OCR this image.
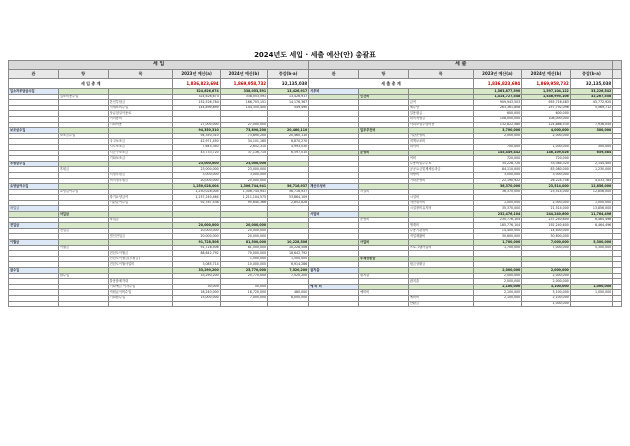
2024년도 세입 · 세출 예산(안) 총괄표
세 입						세 출						
관	항	목	2023년 예산(a)	2024년 예산(b)	증감(b-a)	관	항	목	2023년 예산(a)	2024년 예산(b)	증감(b-a)	
세 입 총 계			1,836,823,694	1,869,958,732	32,135,038	세 출 총 계			1,836,823,694	1,869,958,732	32,135,038	
입소자부담금수입			324,626,674	338,053,591	13,426,917	사무비			1,563,877,590	1,597,104,122	33,226,542	
	입소비용수입		324,626,674	338,053,591	13,426,917		인건비		1,414,727,548	1,446,995,106	32,267,558	
		본인부담금	152,526,784	166,703,151	14,176,367			급여	909,943,503	955,716,483	45,772,920	
		식재료비수입	144,899,890	144,350,400	549,490			제수당	263,361,808	257,792,096	5,569,712	
		상급침실이용료						일용잡급	600,000	600,000		
		이미용비						퇴직적립금	108,000,000	108,000,000		
		기타비용	27,000,000	27,000,000				사회보험부담비용	132,822,580	124,886,530	7,936,050	
보조금수입			94,350,310	73,890,200	20,460,110		업무추진비		3,700,000	4,000,000	300,000	
	보조금수입		94,350,310	73,890,200	20,460,110			기관운영비	2,000,000	2,000,000		
		국고보조금	42,971,450	34,101,180	8,870,270			직책보조비				
		시도보조금	7,645,340	2,652,310	4,993,030			회의비	700,000	1,000,000	300,000	
		시군구보조금	43,733,720	37,136,710	6,597,010		운영비		145,449,442	146,109,026	659,584	
		기타보조금						여비	720,000	720,000		
후원금수입			23,000,000	23,000,000				수용비및수수료	35,228,720	33,084,320	2,144,400	
	후원금		23,000,000	23,000,000				공공요금및제세공과금	84,110,000	83,080,000	1,230,000	
		지정후원금	3,000,000	3,000,000				차량비	3,000,000	3,000,000		
		비지정후원금	20,000,000	20,000,000				기타운영비	22,190,922	26,224,706	4,033,784	
요양급여수입			1,250,028,004	1,306,744,941	56,716,937	재산조성비			36,370,000	23,514,000	12,856,000	
	요양급여수입		1,250,028,004	1,306,744,941	56,716,937		시설비		36,370,000	23,514,000	12,856,000	
		장기요양급여	1,157,240,464	1,211,104,575	53,864,109			시설비				
		기관급여수입	92,787,538	95,640,366	2,852,828			자산취득비	1,000,000	2,000,000	1,000,000	
차입금								시설장비유지비	35,370,000	21,514,000	13,856,000	
	차입금					사업비			232,476,104	244,240,600	11,764,496	
		차입금					운영비		230,776,104	237,240,600	6,464,496	
전입금			20,000,000	20,000,000				생계비	185,776,104	192,240,600	6,464,496	
	전입금		20,000,000	20,000,000				수용기관경비	14,400,000	14,400,000		
		법인전입금	20,000,000	20,000,000				직업재활비	30,600,000	30,600,000		
이월금			91,728,506	81,500,000	10,228,506		사업비		1,700,000	7,000,000	5,300,000	
	이월금		91,728,506	81,500,000	10,228,506			프로그램사업비	1,700,000	7,000,000	5,300,000	
		전년도이월금	88,642,792	70,000,000	18,642,792							
		전년도이월금(후원금)		1,500,000	1,500,000		부채상환금					
		전년도이월사업비	3,085,714	10,000,000	6,914,286			원금상환금				
잡수입			33,290,200	25,770,000	7,520,200	잡지출			2,000,000	2,000,000		
	잡수입		33,290,200	25,770,000	7,520,200		잡지출		2,000,000	2,000,000		
		불용품매각대						잡지출	2,000,000	2,000,000		
		기타예금 이자수입	50,000	50,000		예 비 비			2,100,000	3,100,000	1,000,000	
		직원급식비수입	18,240,000	18,720,000	480,000		예비비		2,100,000	3,100,000	1,000,000	
		기타잡수입	15,000,000	7,000,000	8,000,000			예비비	2,100,000	2,100,000		
								반환금		1,000,000		
